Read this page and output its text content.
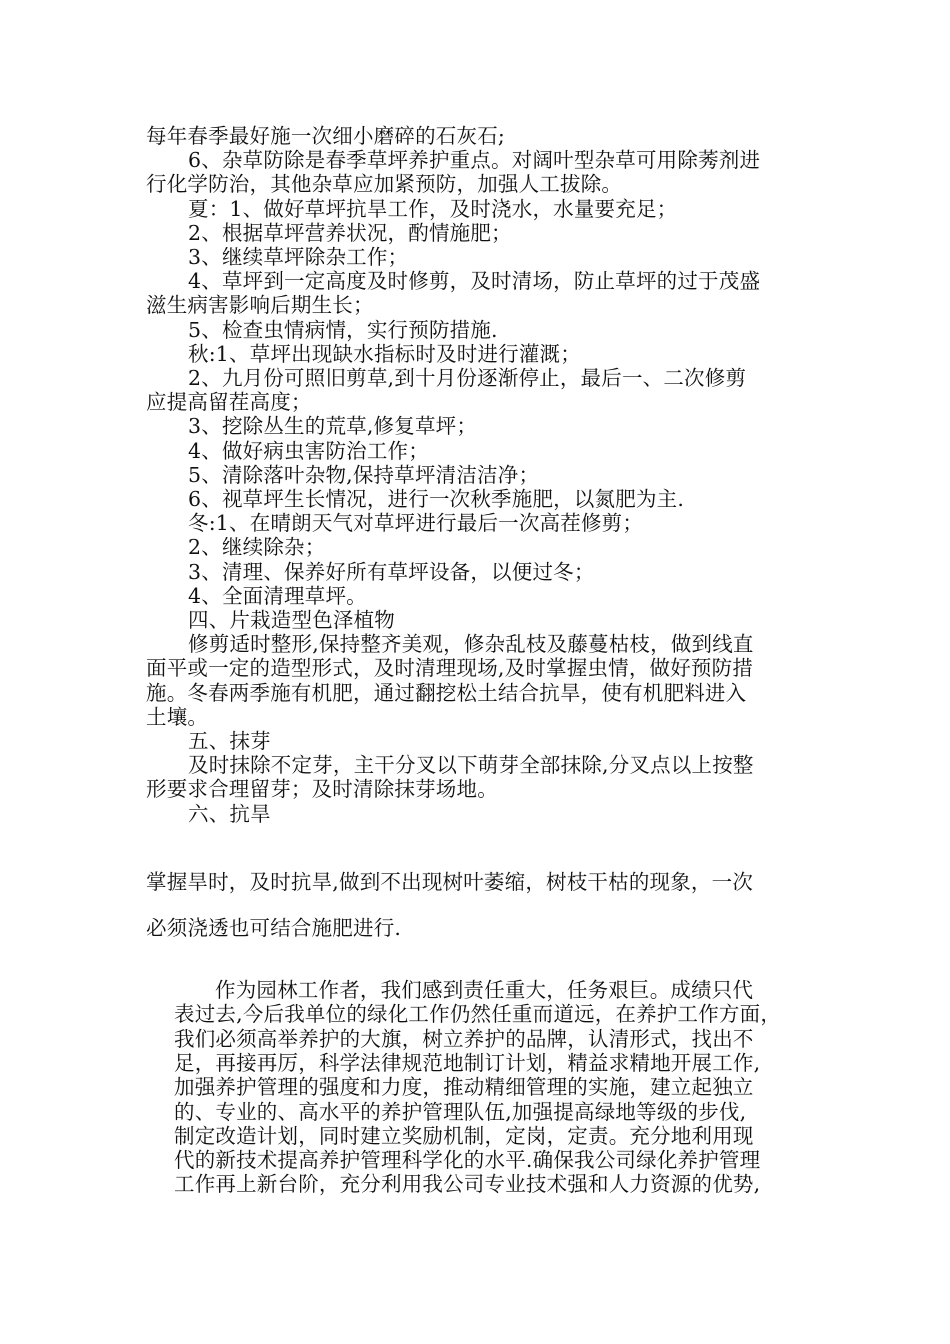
每年春季最好施一次细小磨碎的石灰石;
6、杂草防除是春季草坪养护重点。对阔叶型杂草可用除莠剂进
行化学防治，其他杂草应加紧预防，加强人工拔除。
夏：1、做好草坪抗旱工作，及时浇水，水量要充足；
2、根据草坪营养状况，酌情施肥；
3、继续草坪除杂工作；
4、草坪到一定高度及时修剪，及时清场，防止草坪的过于茂盛
滋生病害影响后期生长；
5、检查虫情病情，实行预防措施.
秋:1、草坪出现缺水指标时及时进行灌溉；
2、九月份可照旧剪草,到十月份逐渐停止，最后一、二次修剪
应提高留茬高度；
3、挖除丛生的荒草,修复草坪；
4、做好病虫害防治工作；
5、清除落叶杂物,保持草坪清洁洁净；
6、视草坪生长情况，进行一次秋季施肥，以氮肥为主.
冬:1、在晴朗天气对草坪进行最后一次高茬修剪；
2、继续除杂；
3、清理、保养好所有草坪设备，以便过冬；
4、全面清理草坪。
四、片栽造型色泽植物
修剪适时整形,保持整齐美观，修杂乱枝及藤蔓枯枝，做到线直
面平或一定的造型形式，及时清理现场,及时掌握虫情，做好预防措
施。冬春两季施有机肥，通过翻挖松土结合抗旱，使有机肥料进入
土壤。
五、抹芽
及时抹除不定芽，主干分叉以下萌芽全部抹除,分叉点以上按整
形要求合理留芽；及时清除抹芽场地。
六、抗旱
掌握旱时，及时抗旱,做到不出现树叶萎缩，树枝干枯的现象，一次
必须浇透也可结合施肥进行.
作为园林工作者，我们感到责任重大，任务艰巨。成绩只代
表过去,今后我单位的绿化工作仍然任重而道远，在养护工作方面，
我们必须高举养护的大旗，树立养护的品牌，认清形式，找出不
足，再接再厉，科学法律规范地制订计划，精益求精地开展工作,
加强养护管理的强度和力度，推动精细管理的实施，建立起独立
的、专业的、高水平的养护管理队伍,加强提高绿地等级的步伐,
制定改造计划，同时建立奖励机制，定岗，定责。充分地利用现
代的新技术提高养护管理科学化的水平.确保我公司绿化养护管理
工作再上新台阶，充分利用我公司专业技术强和人力资源的优势,
